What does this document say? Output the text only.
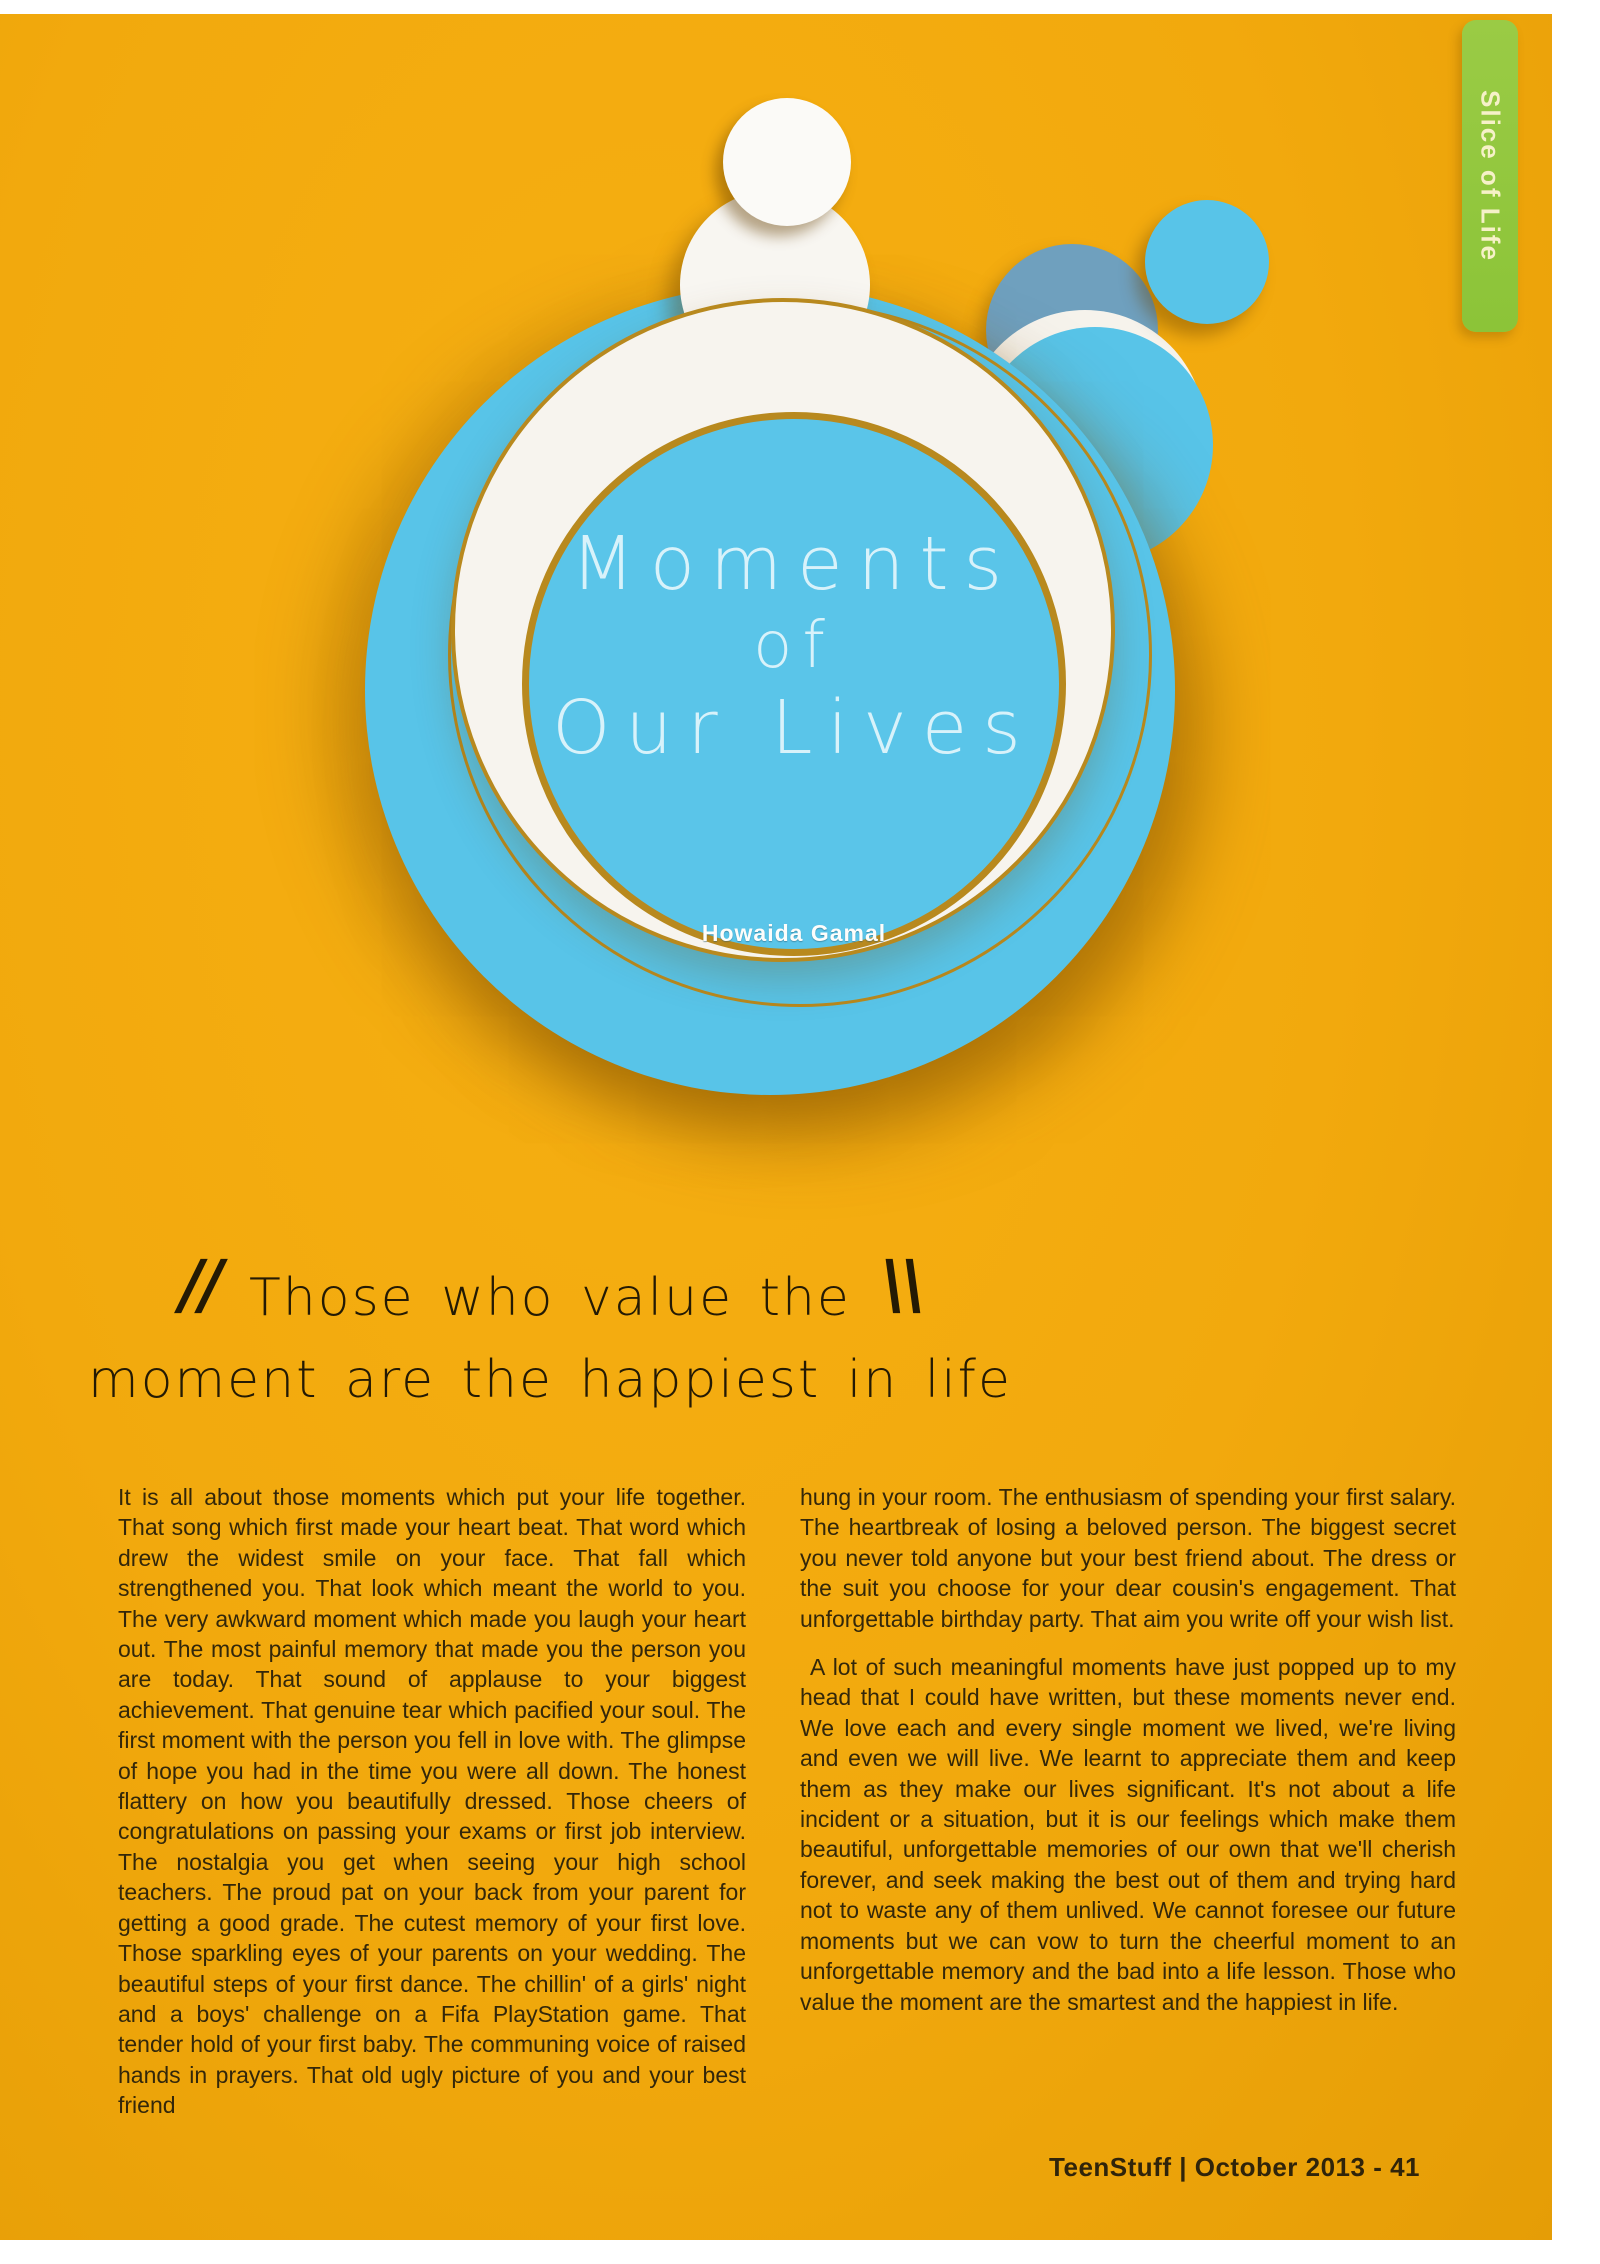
Moments
of
Our Lives
Howaida Gamal
// Those who value the \\
moment are the happiest in life
It is all about those moments which put your life together. That song which first made your heart beat. That word which drew the widest smile on your face. That fall which strengthened you. That look which meant the world to you. The very awkward moment which made you laugh your heart out. The most painful memory that made you the person you are today. That sound of applause to your biggest achievement. That genuine tear which pacified your soul. The first moment with the person you fell in love with. The glimpse of hope you had in the time you were all down. The honest flattery on how you beautifully dressed. Those cheers of congratulations on passing your exams or first job interview. The nostalgia you get when seeing your high school teachers. The proud pat on your back from your parent for getting a good grade. The cutest memory of your first love. Those sparkling eyes of your parents on your wedding. The beautiful steps of your first dance. The chillin' of a girls' night and a boys' challenge on a Fifa PlayStation game. That tender hold of your first baby. The communing voice of raised hands in prayers. That old ugly picture of you and your best friend

hung in your room. The enthusiasm of spending your first salary. The heartbreak of losing a beloved person. The biggest secret you never told anyone but your best friend about. The dress or the suit you choose for your dear cousin's engagement. That unforgettable birthday party. That aim you write off your wish list.

A lot of such meaningful moments have just popped up to my head that I could have written, but these moments never end. We love each and every single moment we lived, we're living and even we will live. We learnt to appreciate them and keep them as they make our lives significant. It's not about a life incident or a situation, but it is our feelings which make them beautiful, unforgettable memories of our own that we'll cherish forever, and seek making the best out of them and trying hard not to waste any of them unlived. We cannot foresee our future moments but we can vow to turn the cheerful moment to an unforgettable memory and the bad into a life lesson. Those who value the moment are the smartest and the happiest in life.

TeenStuff | October 2013 - 41
Slice of Life
